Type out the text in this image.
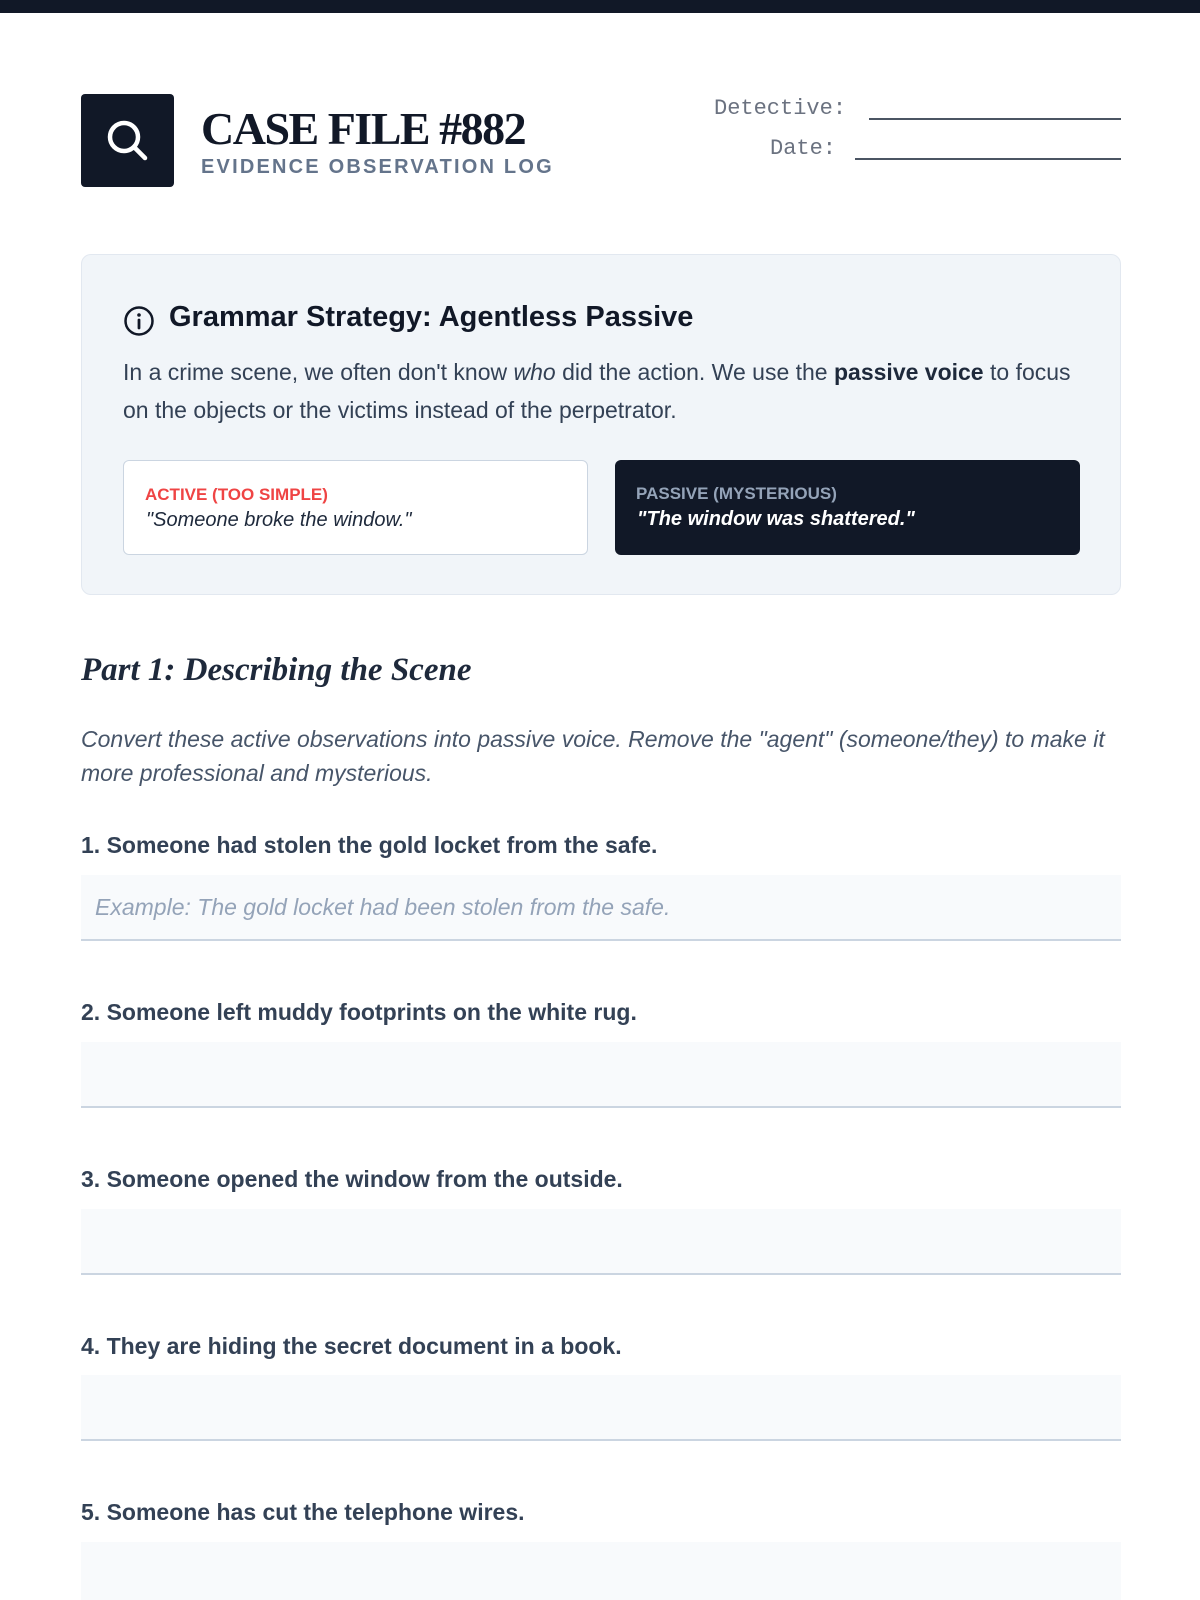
CASE FILE #882
EVIDENCE OBSERVATION LOG
Detective:
Date:
Grammar Strategy: Agentless Passive

In a crime scene, we often don't know who did the action. We use the passive voice to focus on the objects or the victims instead of the perpetrator.

ACTIVE (TOO SIMPLE)
"Someone broke the window."
PASSIVE (MYSTERIOUS)
"The window was shattered."
Part 1: Describing the Scene

Convert these active observations into passive voice. Remove the "agent" (someone/they) to make it more professional and mysterious.

1. Someone had stolen the gold locket from the safe.
Example: The gold locket had been stolen from the safe.
2. Someone left muddy footprints on the white rug.
3. Someone opened the window from the outside.
4. They are hiding the secret document in a book.
5. Someone has cut the telephone wires.
